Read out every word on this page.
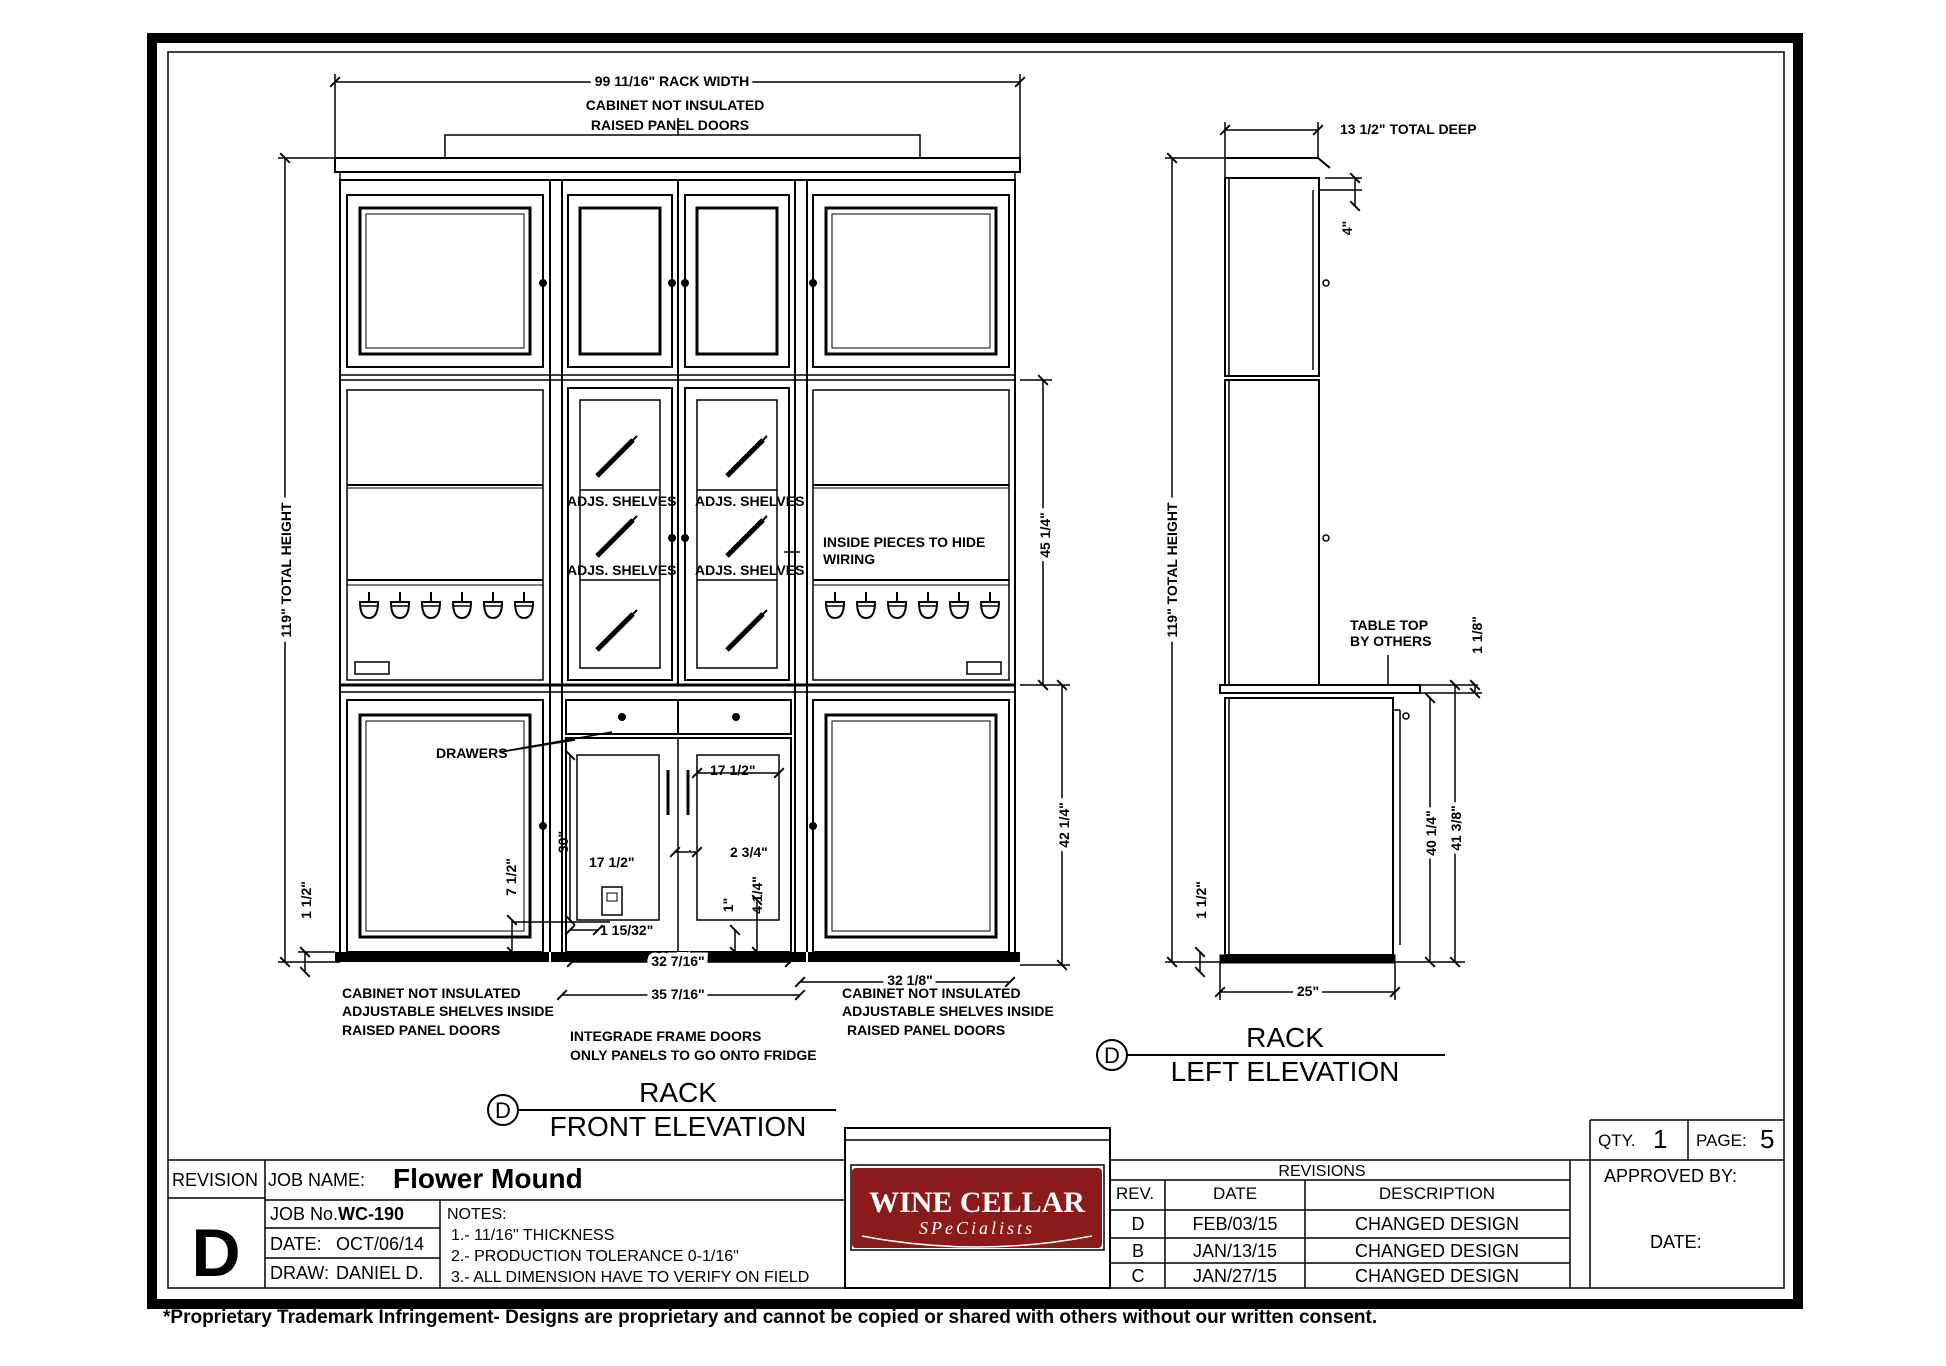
99 11/16" RACK WIDTH
CABINET NOT INSULATED
RAISED PANEL DOORS
119" TOTAL HEIGHT	45 1/4"
42 1/4"
1 1/2"
ADJS. SHELVES ADJS. SHELVES
ADJS. SHELVES ADJS. SHELVES
INSIDE PIECES TO HIDE
WIRING
DRAWERS
30"
17 1/2"
17 1/2"
2 3/4"
7 1/2"
1" 4 1/4"
1 15/32"
32 7/16"
35 7/16"
32 1/8"
CABINET NOT INSULATED
ADJUSTABLE SHELVES INSIDE
RAISED PANEL DOORS
CABINET NOT INSULATED
ADJUSTABLE SHELVES INSIDE
RAISED PANEL DOORS
INTEGRADE FRAME DOORS
ONLY PANELS TO GO ONTO FRIDGE
D
RACK
FRONT ELEVATION
13 1/2" TOTAL DEEP
4"
119" TOTAL HEIGHT	TABLE TOP
BY OTHERS	1 1/8"
40 1/4" 41 3/8"
1 1/2"
25"
D
RACK
LEFT ELEVATION
WINE CELLAR
SPeCialists
REVISION
D
JOB NAME: Flower Mound
JOB No. WC-190
DATE: OCT/06/14
DRAW: DANIEL D.
NOTES:
1.- 11/16" THICKNESS
2.- PRODUCTION TOLERANCE 0-1/16"
3.- ALL DIMENSION HAVE TO VERIFY ON FIELD
REVISIONS
REV.	DATE	DESCRIPTION
D	FEB/03/15	CHANGED DESIGN
B	JAN/13/15	CHANGED DESIGN
C	JAN/27/15	CHANGED DESIGN
QTY. 1 PAGE: 5
APPROVED BY:
DATE:
*Proprietary Trademark Infringement- Designs are proprietary and cannot be copied or shared with others without our written consent.
